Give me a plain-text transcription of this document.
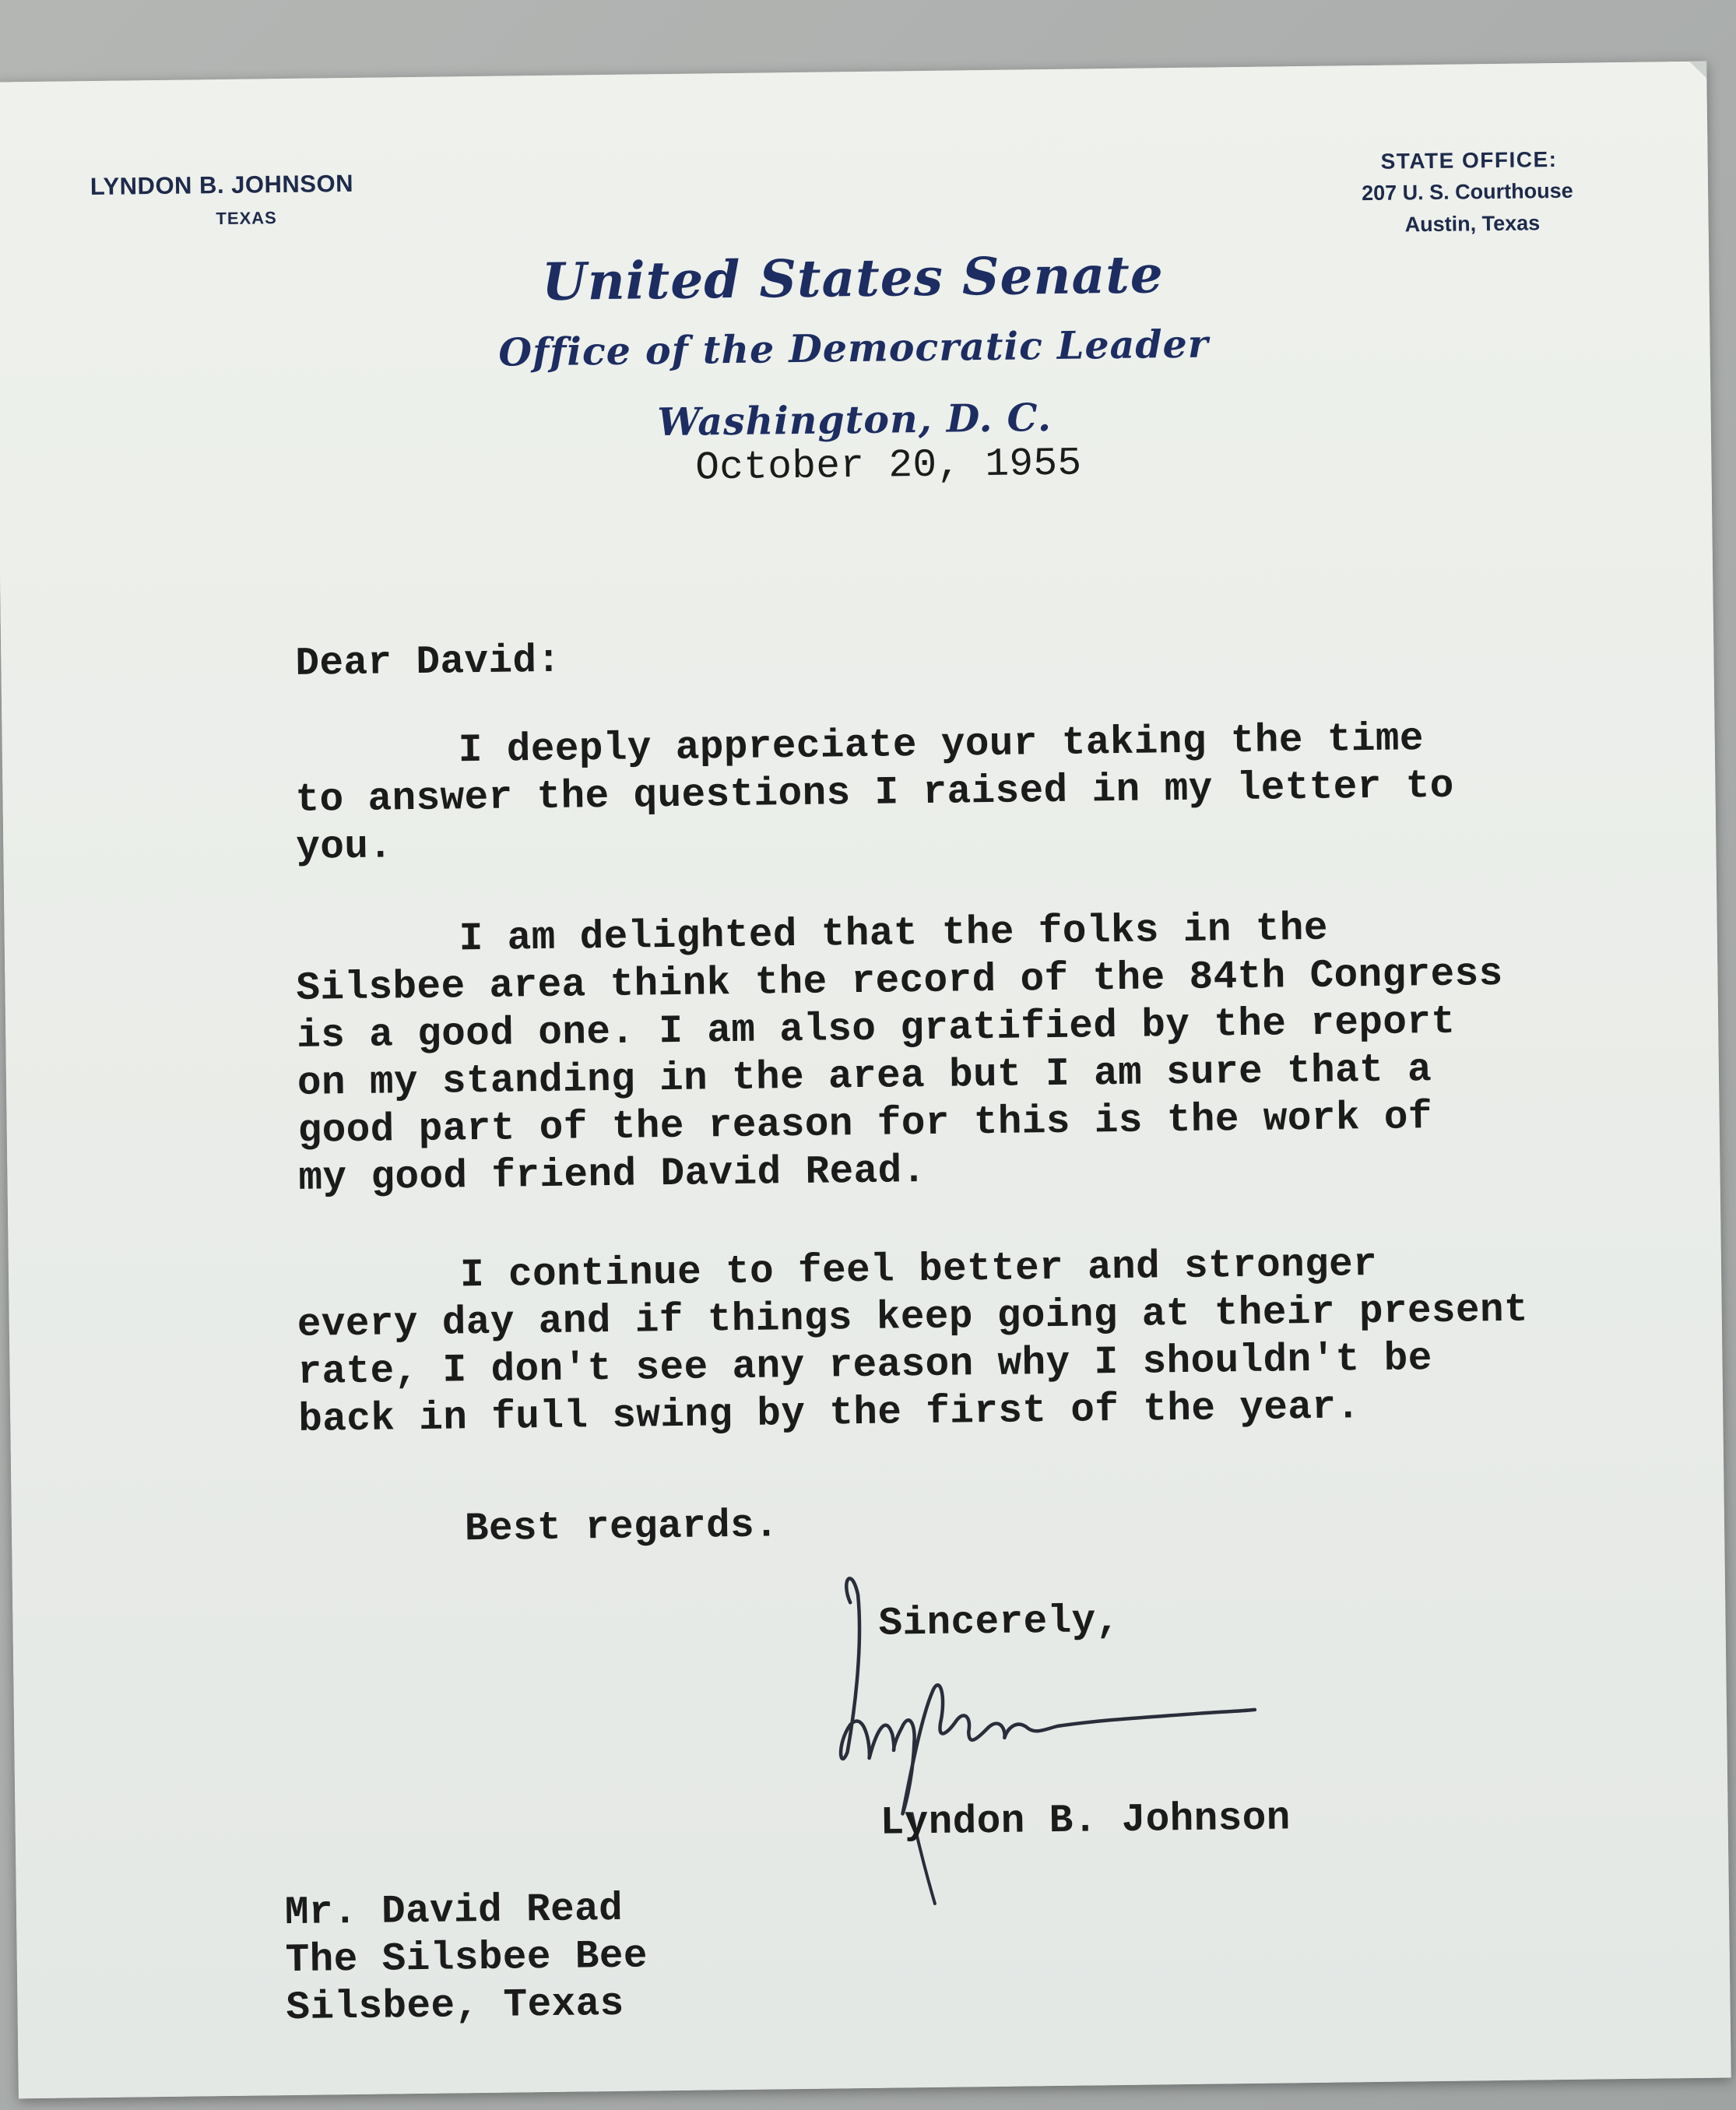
LYNDON B. JOHNSON
TEXAS
STATE OFFICE:
207 U. S. Courthouse
Austin, Texas
United States Senate
Office of the Democratic Leader
Washington, D. C.
October 20, 1955
Dear David:
I deeply appreciate your taking the time
to answer the questions I raised in my letter to
you.
I am delighted that the folks in the
Silsbee area think the record of the 84th Congress
is a good one. I am also gratified by the report
on my standing in the area but I am sure that a
good part of the reason for this is the work of
my good friend David Read.
I continue to feel better and stronger
every day and if things keep going at their present
rate, I don't see any reason why I shouldn't be
back in full swing by the first of the year.
Best regards.
Sincerely,
Lyndon B. Johnson
Mr. David Read
The Silsbee Bee
Silsbee, Texas
